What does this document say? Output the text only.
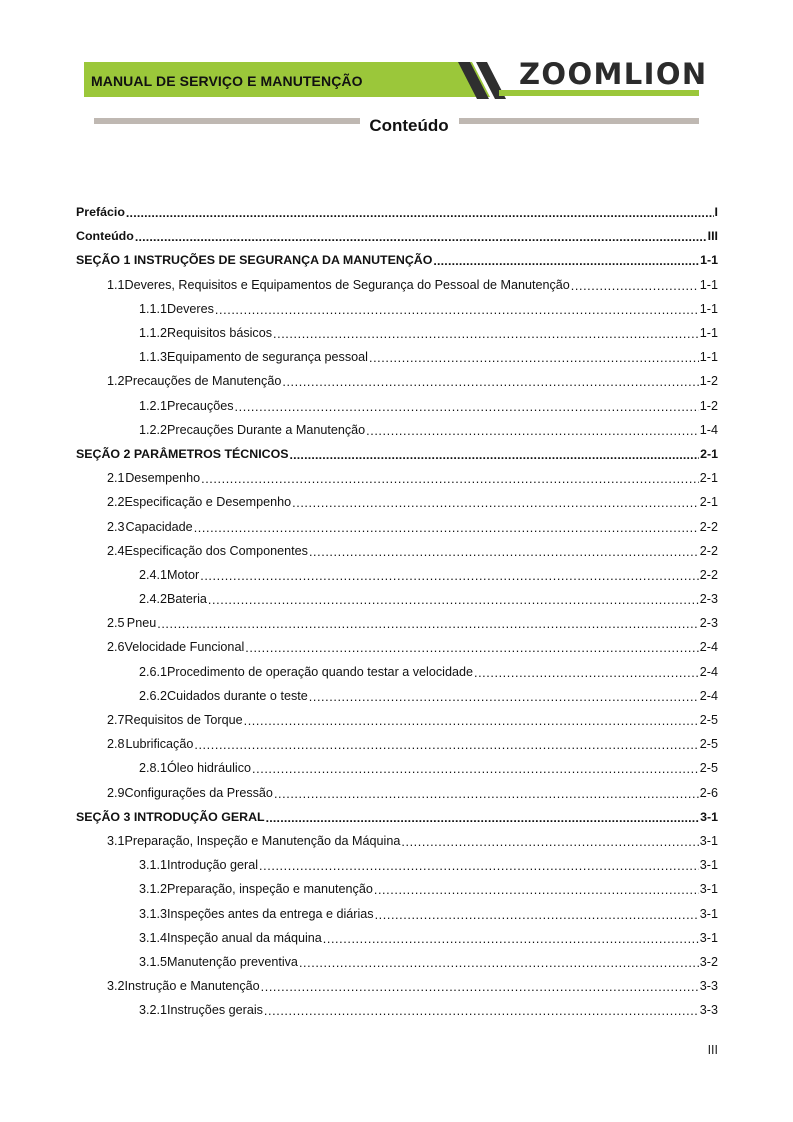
MANUAL DE SERVIÇO E MANUTENÇÃO	ZOOMLION
Conteúdo
Prefácio .....	I
Conteúdo .....	III
SEÇÃO 1 INSTRUÇÕES DE SEGURANÇA DA MANUTENÇÃO .....	1-1
1.1 Deveres, Requisitos e Equipamentos de Segurança do Pessoal de Manutenção .....	1-1
1.1.1 Deveres .....	1-1
1.1.2 Requisitos básicos .....	1-1
1.1.3 Equipamento de segurança pessoal .....	1-1
1.2 Precauções de Manutenção .....	1-2
1.2.1 Precauções .....	1-2
1.2.2 Precauções Durante a Manutenção .....	1-4
SEÇÃO 2 PARÂMETROS TÉCNICOS .....	2-1
2.1 Desempenho .....	2-1
2.2 Especificação e Desempenho .....	2-1
2.3 Capacidade .....	2-2
2.4 Especificação dos Componentes .....	2-2
2.4.1 Motor .....	2-2
2.4.2 Bateria .....	2-3
2.5 Pneu .....	2-3
2.6 Velocidade Funcional .....	2-4
2.6.1 Procedimento de operação quando testar a velocidade .....	2-4
2.6.2 Cuidados durante o teste .....	2-4
2.7 Requisitos de Torque .....	2-5
2.8 Lubrificação .....	2-5
2.8.1 Óleo hidráulico .....	2-5
2.9 Configurações da Pressão .....	2-6
SEÇÃO 3 INTRODUÇÃO GERAL .....	3-1
3.1 Preparação, Inspeção e Manutenção da Máquina .....	3-1
3.1.1 Introdução geral .....	3-1
3.1.2 Preparação, inspeção e manutenção .....	3-1
3.1.3 Inspeções antes da entrega e diárias .....	3-1
3.1.4 Inspeção anual da máquina .....	3-1
3.1.5 Manutenção preventiva .....	3-2
3.2 Instrução e Manutenção .....	3-3
3.2.1 Instruções gerais .....	3-3
III
